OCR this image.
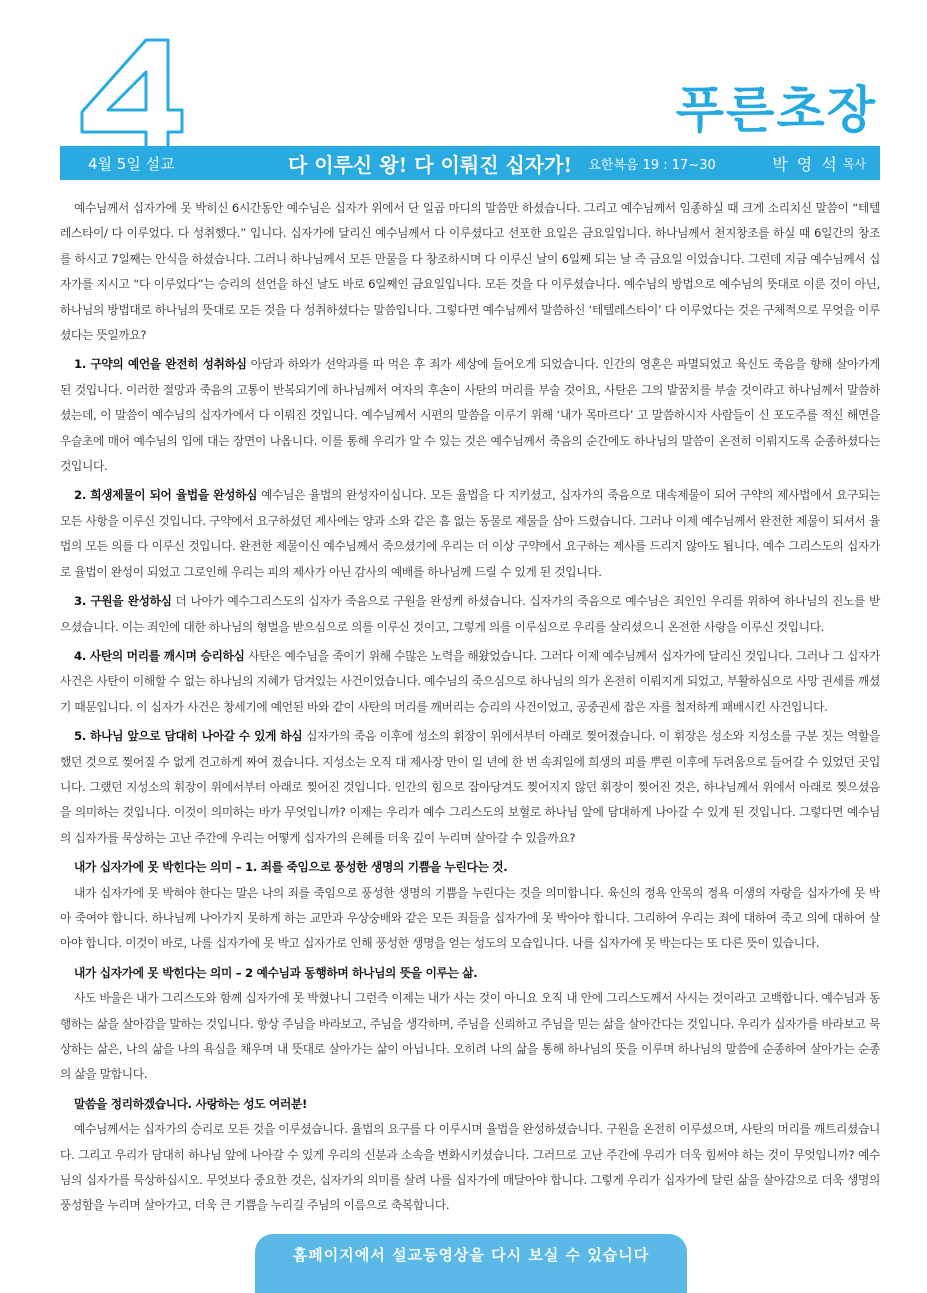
4
푸른초장
4월 5일 설교	다 이루신 왕! 다 이뤄진 십자가! 요한복음 19 : 17~30	박 영 석 목사

예수님께서 십자가에 못 박히신 6시간동안 예수님은 십자가 위에서 단 일곱 마디의 말씀만 하셨습니다. 그리고 예수님께서 임종하실 때 크게 소리치신 말씀이 “테텔레스타이/ 다 이루었다. 다 성취했다.” 입니다. 십자가에 달리신 예수님께서 다 이루셨다고 선포한 요일은 금요일입니다. 하나님께서 천지창조를 하실 때 6일간의 창조를 하시고 7일째는 안식을 하셨습니다. 그러니 하나님께서 모든 만물을 다 창조하시며 다 이루신 날이 6일째 되는 날 즉 금요일 이었습니다. 그런데 지금 예수님께서 십자가를 지시고 “다 이루었다”는 승리의 선언을 하신 날도 바로 6일째인 금요일입니다. 모든 것을 다 이루셨습니다. 예수님의 방법으로 예수님의 뜻대로 이룬 것이 아닌, 하나님의 방법대로 하나님의 뜻대로 모든 것을 다 성취하셨다는 말씀입니다. 그렇다면 예수님께서 말씀하신 ‘테텔레스타이’ 다 이루었다는 것은 구체적으로 무엇을 이루셨다는 뜻일까요?

1. 구약의 예언을 완전히 성취하심 아담과 하와가 선악과를 따 먹은 후 죄가 세상에 들어오게 되었습니다. 인간의 영혼은 파멸되었고 육신도 죽음을 향해 살아가게 된 것입니다. 이러한 절망과 죽음의 고통이 반복되기에 하나님께서 여자의 후손이 사탄의 머리를 부술 것이요, 사탄은 그의 발꿈치를 부술 것이라고 하나님께서 말씀하셨는데, 이 말씀이 예수님의 십자가에서 다 이뤄진 것입니다. 예수님께서 시편의 말씀을 이루기 위해 ‘내가 목마르다’ 고 말씀하시자 사람들이 신 포도주를 적신 해면을 우슬초에 매어 예수님의 입에 대는 장면이 나옵니다. 이를 통해 우리가 알 수 있는 것은 예수님께서 죽음의 순간에도 하나님의 말씀이 온전히 이뤄지도록 순종하셨다는 것입니다.

2. 희생제물이 되어 율법을 완성하심 예수님은 율법의 완성자이십니다. 모든 율법을 다 지키셨고, 십자가의 죽음으로 대속제물이 되어 구약의 제사법에서 요구되는 모든 사항을 이루신 것입니다. 구약에서 요구하셨던 제사에는 양과 소와 같은 흠 없는 동물로 제물을 삼아 드렸습니다. 그러나 이제 예수님께서 완전한 제물이 되셔서 율법의 모든 의를 다 이루신 것입니다. 완전한 제물이신 예수님께서 죽으셨기에 우리는 더 이상 구약에서 요구하는 제사를 드리지 않아도 됩니다. 예수 그리스도의 십자가로 율법이 완성이 되었고 그로인해 우리는 피의 제사가 아닌 감사의 예배를 하나님께 드릴 수 있게 된 것입니다.

3. 구원을 완성하심 더 나아가 예수그리스도의 십자가 죽음으로 구원을 완성케 하셨습니다. 십자가의 죽음으로 예수님은 죄인인 우리를 위하여 하나님의 진노를 받으셨습니다. 이는 죄인에 대한 하나님의 형벌을 받으심으로 의를 이루신 것이고, 그렇게 의를 이루심으로 우리를 살리셨으니 온전한 사랑을 이루신 것입니다.

4. 사탄의 머리를 깨시며 승리하심 사탄은 예수님을 죽이기 위해 수많은 노력을 해왔었습니다. 그러다 이제 예수님께서 십자가에 달리신 것입니다. 그러나 그 십자가 사건은 사탄이 이해할 수 없는 하나님의 지혜가 담겨있는 사건이었습니다. 예수님의 죽으심으로 하나님의 의가 온전히 이뤄지게 되었고, 부활하심으로 사망 권세를 깨셨기 때문입니다. 이 십자가 사건은 창세기에 예언된 바와 같이 사탄의 머리를 깨버리는 승리의 사건이었고, 공중권세 잡은 자를 철저하게 패배시킨 사건입니다.

5. 하나님 앞으로 담대히 나아갈 수 있게 하심 십자가의 죽음 이후에 성소의 휘장이 위에서부터 아래로 찢어졌습니다. 이 휘장은 성소와 지성소를 구분 짓는 역할을 했던 것으로 찢어질 수 없게 견고하게 짜여 졌습니다. 지성소는 오직 대 제사장 만이 일 년에 한 번 속죄일에 희생의 피를 뿌린 이후에 두려움으로 들어갈 수 있었던 곳입니다. 그랬던 지성소의 휘장이 위에서부터 아래로 찢어진 것입니다. 인간의 힘으로 잡아당겨도 찢어지지 않던 휘장이 찢어진 것은, 하나님께서 위에서 아래로 찢으셨음을 의미하는 것입니다. 이것이 의미하는 바가 무엇입니까? 이제는 우리가 예수 그리스도의 보혈로 하나님 앞에 담대하게 나아갈 수 있게 된 것입니다. 그렇다면 예수님의 십자가를 묵상하는 고난 주간에 우리는 어떻게 십자가의 은혜를 더욱 깊이 누리며 살아갈 수 있을까요?

내가 십자가에 못 박힌다는 의미 – 1. 죄를 죽임으로 풍성한 생명의 기쁨을 누린다는 것.

내가 십자가에 못 박혀야 한다는 말은 나의 죄를 죽임으로 풍성한 생명의 기쁨을 누린다는 것을 의미합니다. 육신의 정욕 안목의 정욕 이생의 자랑을 십자가에 못 박아 죽여야 합니다. 하나님께 나아가지 못하게 하는 교만과 우상숭배와 같은 모든 죄들을 십자가에 못 박아야 합니다. 그리하여 우리는 죄에 대하여 죽고 의에 대하여 살아야 합니다. 이것이 바로, 나를 십자가에 못 박고 십자가로 인해 풍성한 생명을 얻는 성도의 모습입니다. 나를 십자가에 못 박는다는 또 다른 뜻이 있습니다.

내가 십자가에 못 박힌다는 의미 – 2 예수님과 동행하며 하나님의 뜻을 이루는 삶.

사도 바울은 내가 그리스도와 함께 십자가에 못 박혔나니 그런즉 이제는 내가 사는 것이 아니요 오직 내 안에 그리스도께서 사시는 것이라고 고백합니다. 예수님과 동행하는 삶을 살아감을 말하는 것입니다. 항상 주님을 바라보고, 주님을 생각하며, 주님을 신뢰하고 주님을 믿는 삶을 살아간다는 것입니다. 우리가 십자가를 바라보고 묵상하는 삶은, 나의 삶을 나의 욕심을 채우며 내 뜻대로 살아가는 삶이 아닙니다. 오히려 나의 삶을 통해 하나님의 뜻을 이루며 하나님의 말씀에 순종하여 살아가는 순종의 삶을 말합니다.

말씀을 정리하겠습니다. 사랑하는 성도 여러분!

예수님께서는 십자가의 승리로 모든 것을 이루셨습니다. 율법의 요구를 다 이루시며 율법을 완성하셨습니다. 구원을 온전히 이루셨으며, 사탄의 머리를 깨트리셨습니다. 그리고 우리가 담대히 하나님 앞에 나아갈 수 있게 우리의 신분과 소속을 변화시키셨습니다. 그러므로 고난 주간에 우리가 더욱 힘써야 하는 것이 무엇입니까? 예수님의 십자가를 묵상하십시오. 무엇보다 중요한 것은, 십자가의 의미를 살려 나를 십자가에 매달아야 합니다. 그렇게 우리가 십자가에 달린 삶을 살아감으로 더욱 생명의 풍성함을 누리며 살아가고, 더욱 큰 기쁨을 누리길 주님의 이름으로 축복합니다.

홈페이지에서 설교동영상을 다시 보실 수 있습니다
